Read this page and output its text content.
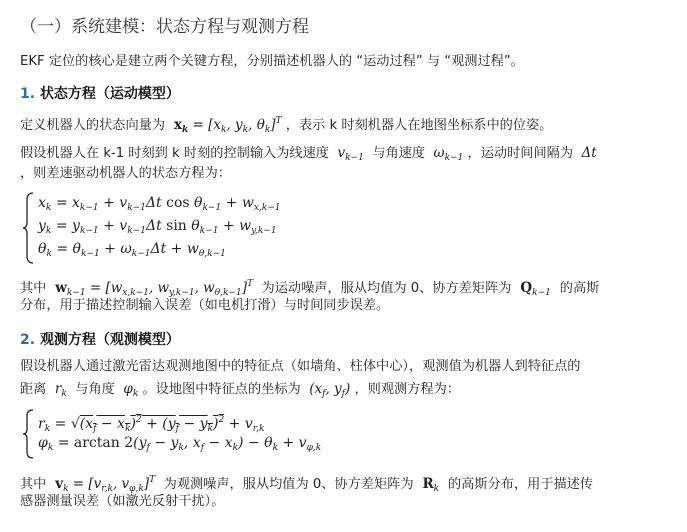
（一）系统建模：状态方程与观测方程
EKF 定位的核心是建立两个关键方程，分别描述机器人的 “运动过程” 与 “观测过程”。
1. 状态方程（运动模型）
定义机器人的状态向量为  $x_k = [x_k$, $y_k$, $\theta_k]^T$ ，表示 k 时刻机器人在地图坐标系中的位姿。
假设机器人在 k-1 时刻到 k 时刻的控制输入为线速度  $v_{k-1}$ 与角速度  $\omega_{k-1}$ ，运动时间间隔为  Δt
，则差速驱动机器人的状态方程为：
$x_k = x_{k-1} + v_{k-1}\Delta t$ $\cos \theta_{k-1} + w_{x,k-1}$
$y_k = y_{k-1} + v_{k-1}\Delta t$ $\sin \theta_{k-1} + w_{y,k-1}$
$\theta_k = \theta_{k-1} + \omega_{k-1}\Delta t + w_{\theta,k-1}$
其中  $w_{k-1} = [w_{x,k-1}$, $w_{y,k-1}$, $w_{\theta,k-1}]^T$ 为运动噪声，服从均值为 0、协方差矩阵为  $Q_{k-1}$ 的高斯
分布，用于描述控制输入误差（如电机打滑）与时间同步误差。
2. 观测方程（观测模型）
假设机器人通过激光雷达观测地图中的特征点（如墙角、柱体中心），观测值为机器人到特征点的
距离  $r_k$ 与角度  $\varphi_k$ 。设地图中特征点的坐标为  ($x_f$, $y_f$) ，则观测方程为：
$r_k = √(x_f - x_k)^2 + (y_f - y_k)^2 + v_{r,k}$
$\varphi_k = \arctan 2(y_f - y_k$, $x_f - x_k) - \theta_k + v_{\varphi,k}$
其中  $v_k = [v_{r,k}$, $v_{\varphi,k}]^T$ 为观测噪声，服从均值为 0、协方差矩阵为  $R_k$ 的高斯分布，用于描述传
感器测量误差（如激光反射干扰）。
